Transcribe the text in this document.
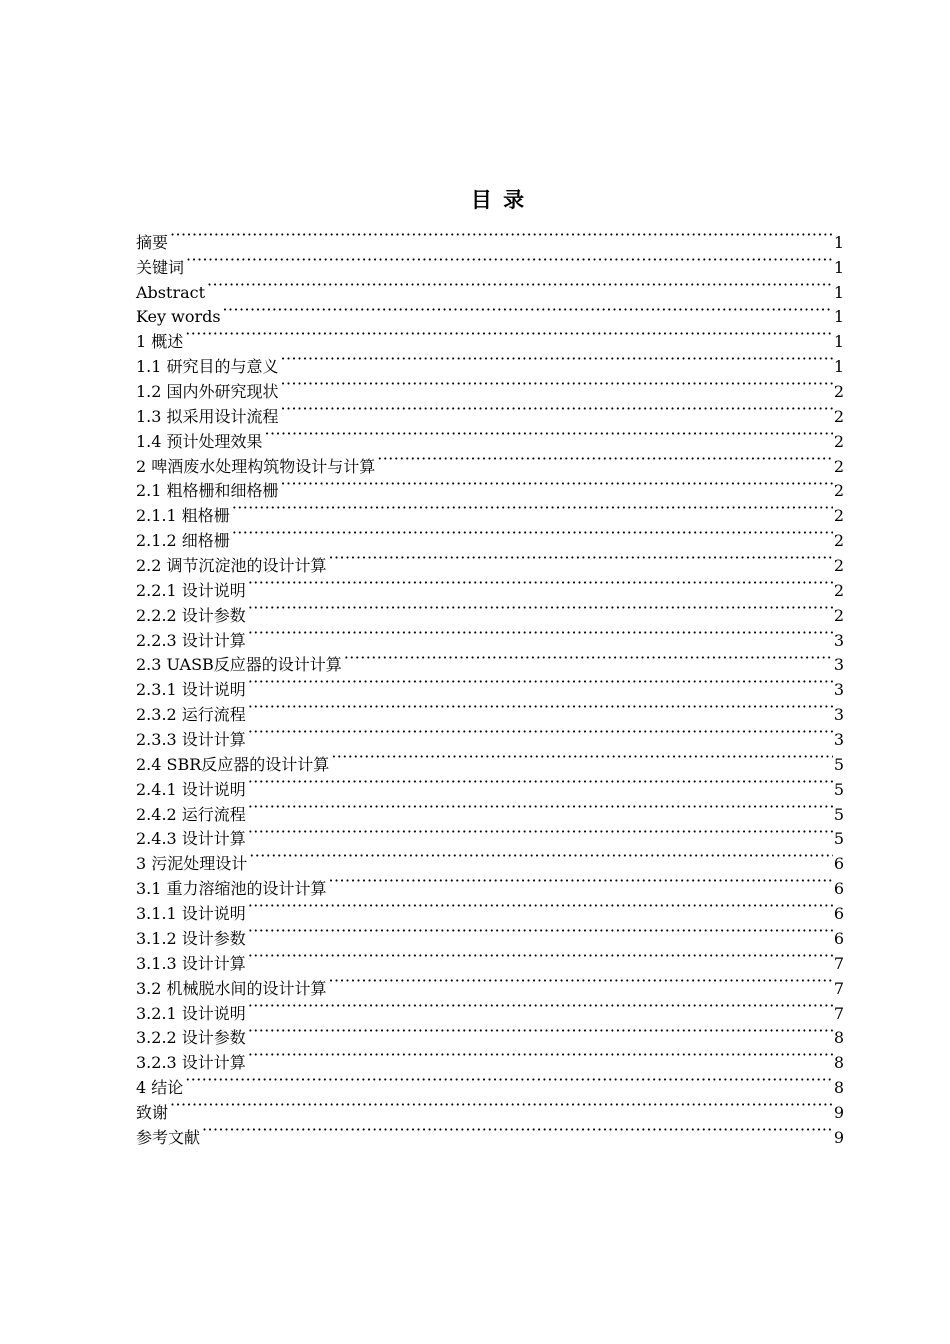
目 录
摘要 ·····	1
关键词 ·····	1
Abstract ·····	1
Key words ·····	1
1 概述 ·····	1
1.1 研究目的与意义 ·····	1
1.2 国内外研究现状 ·····	2
1.3 拟采用设计流程 ·····	2
1.4 预计处理效果 ·····	2
2 啤酒废水处理构筑物设计与计算 ·····	2
2.1 粗格栅和细格栅 ·····	2
2.1.1 粗格栅 ·····	2
2.1.2 细格栅 ·····	2
2.2 调节沉淀池的设计计算 ·····	2
2.2.1 设计说明 ·····	2
2.2.2 设计参数 ·····	2
2.2.3 设计计算 ·····	3
2.3 UASB反应器的设计计算 ·····	3
2.3.1 设计说明 ·····	3
2.3.2 运行流程 ·····	3
2.3.3 设计计算 ·····	3
2.4 SBR反应器的设计计算 ·····	5
2.4.1 设计说明 ·····	5
2.4.2 运行流程 ·····	5
2.4.3 设计计算 ·····	5
3 污泥处理设计 ·····	6
3.1 重力溶缩池的设计计算 ·····	6
3.1.1 设计说明 ·····	6
3.1.2 设计参数 ·····	6
3.1.3 设计计算 ·····	7
3.2 机械脱水间的设计计算 ·····	7
3.2.1 设计说明 ·····	7
3.2.2 设计参数 ·····	8
3.2.3 设计计算 ·····	8
4 结论 ·····	8
致谢 ·····	9
参考文献 ·····	9
